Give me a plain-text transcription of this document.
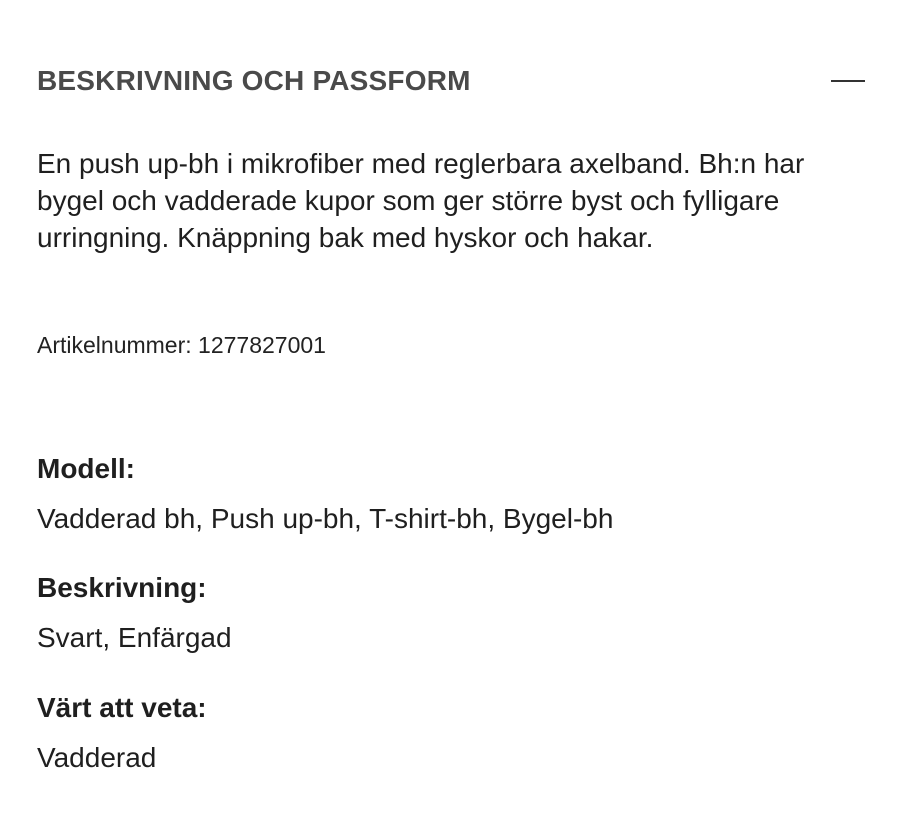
BESKRIVNING OCH PASSFORM

En push up-bh i mikrofiber med reglerbara axelband. Bh:n har bygel och vadderade kupor som ger större byst och fylligare urringning. Knäppning bak med hyskor och hakar.

Artikelnummer: 1277827001
Modell:
Vadderad bh, Push up-bh, T-shirt-bh, Bygel-bh
Beskrivning:
Svart, Enfärgad
Värt att veta:
Vadderad
